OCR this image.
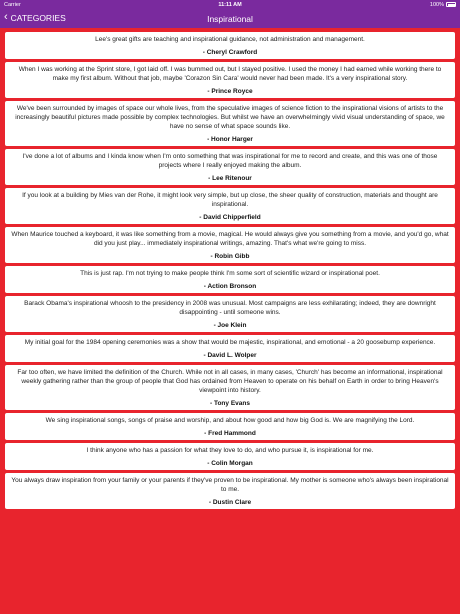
Carrier	11:11 AM	100%
‹ CATEGORIES	Inspirational
Lee's great gifts are teaching and inspirational guidance, not administration and management.
- Cheryl Crawford
When I was working at the Sprint store, I got laid off. I was bummed out, but I stayed positive. I used the money I had earned while working there to make my first album. Without that job, maybe 'Corazon Sin Cara' would never had been made. It's a very inspirational story.
- Prince Royce
We've been surrounded by images of space our whole lives, from the speculative images of science fiction to the inspirational visions of artists to the increasingly beautiful pictures made possible by complex technologies. But whilst we have an overwhelmingly vivid visual understanding of space, we have no sense of what space sounds like.
- Honor Harger
I've done a lot of albums and I kinda know when I'm onto something that was inspirational for me to record and create, and this was one of those projects where I really enjoyed making the album.
- Lee Ritenour
If you look at a building by Mies van der Rohe, it might look very simple, but up close, the sheer quality of construction, materials and thought are inspirational.
- David Chipperfield
When Maurice touched a keyboard, it was like something from a movie, magical. He would always give you something from a movie, and you'd go, what did you just play... immediately inspirational writings, amazing. That's what we're going to miss.
- Robin Gibb
This is just rap. I'm not trying to make people think I'm some sort of scientific wizard or inspirational poet.
- Action Bronson
Barack Obama's inspirational whoosh to the presidency in 2008 was unusual. Most campaigns are less exhilarating; indeed, they are downright disappointing - until someone wins.
- Joe Klein
My initial goal for the 1984 opening ceremonies was a show that would be majestic, inspirational, and emotional - a 20 goosebump experience.
- David L. Wolper
Far too often, we have limited the definition of the Church. While not in all cases, in many cases, 'Church' has become an informational, inspirational weekly gathering rather than the group of people that God has ordained from Heaven to operate on his behalf on Earth in order to bring Heaven's viewpoint into history.
- Tony Evans
We sing inspirational songs, songs of praise and worship, and about how good and how big God is. We are magnifying the Lord.
- Fred Hammond
I think anyone who has a passion for what they love to do, and who pursue it, is inspirational for me.
- Colin Morgan
You always draw inspiration from your family or your parents if they've proven to be inspirational. My mother is someone who's always been inspirational to me.
- Dustin Clare
